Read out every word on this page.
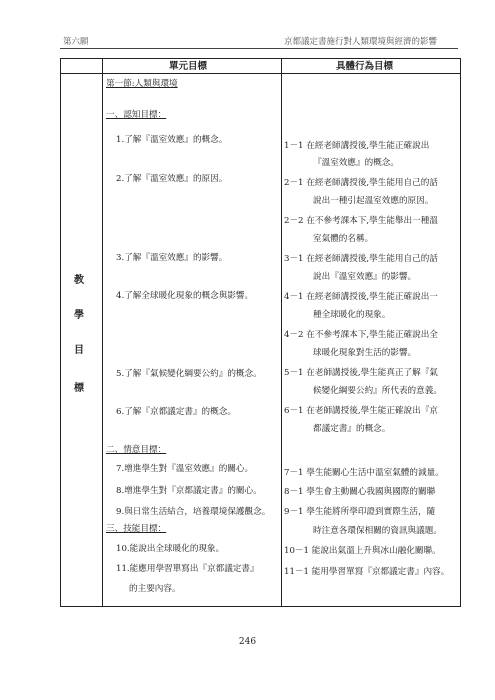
第六願	京都議定書施行對人類環境與經濟的影響
單元目標	具體行為目標
教
學
目
標
第一節:人類與環境
一、認知目標：
1.了解『溫室效應』的概念。
2.了解『溫室效應』的原因。
3.了解『溫室效應』的影響。
4.了解全球暖化現象的概念與影響。
5.了解『氣候變化綱要公約』的概念。
6.了解『京都議定書』的概念。
二、情意目標：
7.增進學生對『溫室效應』的關心。
8.增進學生對『京都議定書』的關心。
9.與日常生活結合，培養環境保護觀念。
三、技能目標：
10.能說出全球暖化的現象。
11.能應用學習單寫出『京都議定書』
的主要內容。
1－1 在經老師講授後,學生能正確說出
『溫室效應』的概念。
2－1 在經老師講授後,學生能用自己的話
說出一種引起溫室效應的原因。
2－2 在不參考課本下,學生能舉出一種溫
室氣體的名稱。
3－1 在經老師講授後,學生能用自己的話
說出『溫室效應』的影響。
4－1 在經老師講授後,學生能正確說出一
種全球暖化的現象。
4－2 在不參考課本下,學生能正確說出全
球暖化現象對生活的影響。
5－1 在老師講授後,學生能真正了解『氣
候變化綱要公約』所代表的意義。
6－1 在老師講授後,學生能正確說出『京
都議定書』的概念。
7－1 學生能關心生活中溫室氣體的減量。
8－1 學生會主動關心我國與國際的關聯
9－1 學生能將所學印證到實際生活，隨
時注意各環保相關的資訊與議題。
10－1 能說出氣溫上升與冰山融化關聯。
11－1 能用學習單寫『京都議定書』內容。
246
